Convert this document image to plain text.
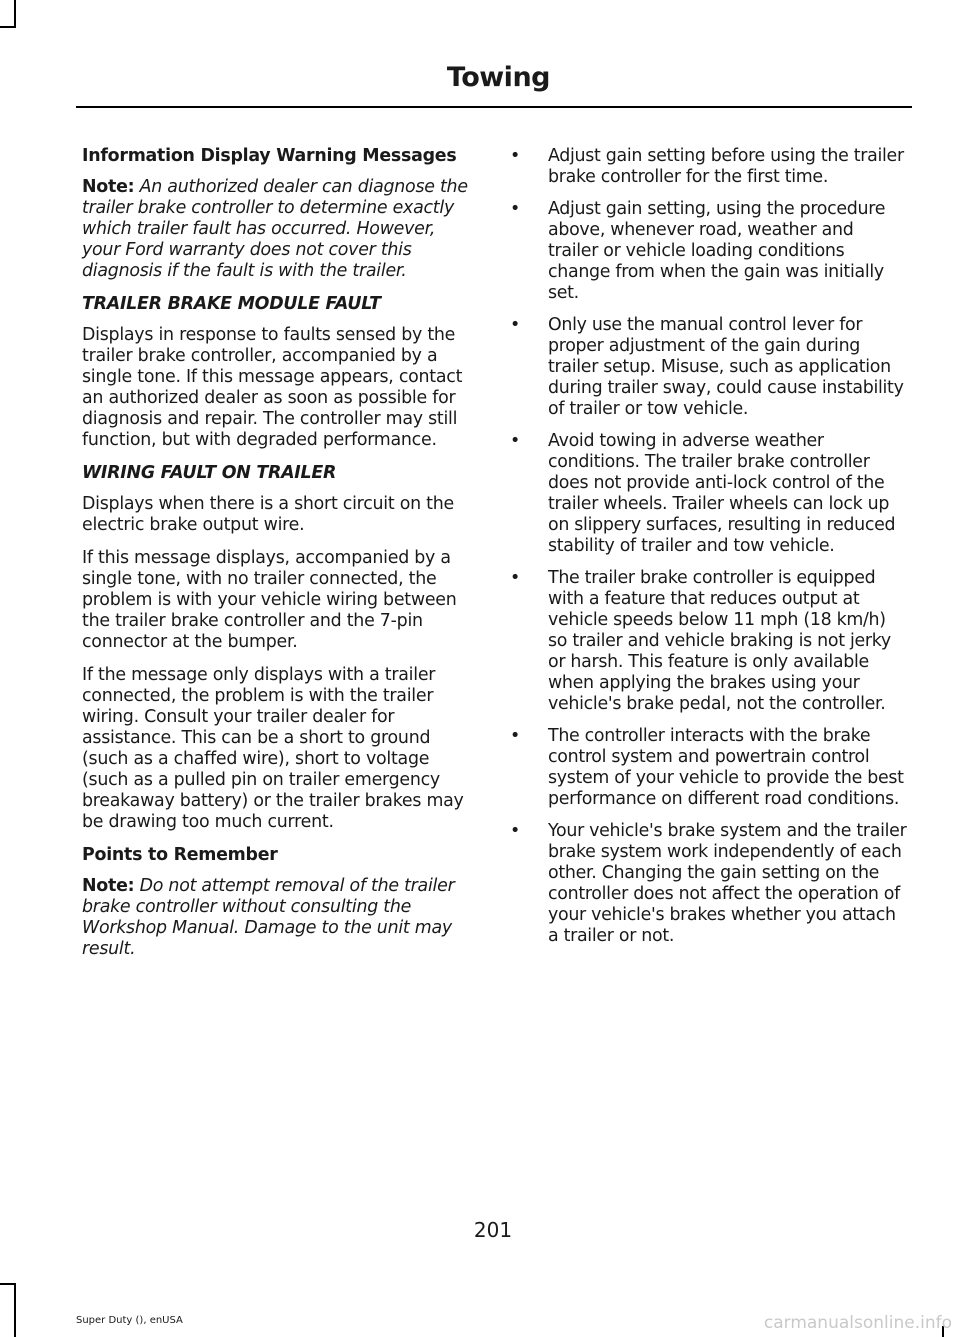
Towing
Information Display Warning Messages

Note: An authorized dealer can diagnose the trailer brake controller to determine exactly which trailer fault has occurred. However, your Ford warranty does not cover this diagnosis if the fault is with the trailer.

TRAILER BRAKE MODULE FAULT

Displays in response to faults sensed by the trailer brake controller, accompanied by a single tone. If this message appears, contact an authorized dealer as soon as possible for diagnosis and repair. The controller may still function, but with degraded performance.

WIRING FAULT ON TRAILER

Displays when there is a short circuit on the electric brake output wire.

If this message displays, accompanied by a single tone, with no trailer connected, the problem is with your vehicle wiring between the trailer brake controller and the 7-pin connector at the bumper.

If the message only displays with a trailer connected, the problem is with the trailer wiring. Consult your trailer dealer for assistance. This can be a short to ground (such as a chaffed wire), short to voltage (such as a pulled pin on trailer emergency breakaway battery) or the trailer brakes may be drawing too much current.

Points to Remember

Note: Do not attempt removal of the trailer brake controller without consulting the Workshop Manual. Damage to the unit may result.

• Adjust gain setting before using the trailer brake controller for the first time.
• Adjust gain setting, using the procedure above, whenever road, weather and trailer or vehicle loading conditions change from when the gain was initially set.
• Only use the manual control lever for proper adjustment of the gain during trailer setup. Misuse, such as application during trailer sway, could cause instability of trailer or tow vehicle.
• Avoid towing in adverse weather conditions. The trailer brake controller does not provide anti-lock control of the trailer wheels. Trailer wheels can lock up on slippery surfaces, resulting in reduced stability of trailer and tow vehicle.
• The trailer brake controller is equipped with a feature that reduces output at vehicle speeds below 11 mph (18 km/h) so trailer and vehicle braking is not jerky or harsh. This feature is only available when applying the brakes using your vehicle's brake pedal, not the controller.
• The controller interacts with the brake control system and powertrain control system of your vehicle to provide the best performance on different road conditions.
• Your vehicle's brake system and the trailer brake system work independently of each other. Changing the gain setting on the controller does not affect the operation of your vehicle's brakes whether you attach a trailer or not.
201
Super Duty (), enUSA	carmanualsonline.info
